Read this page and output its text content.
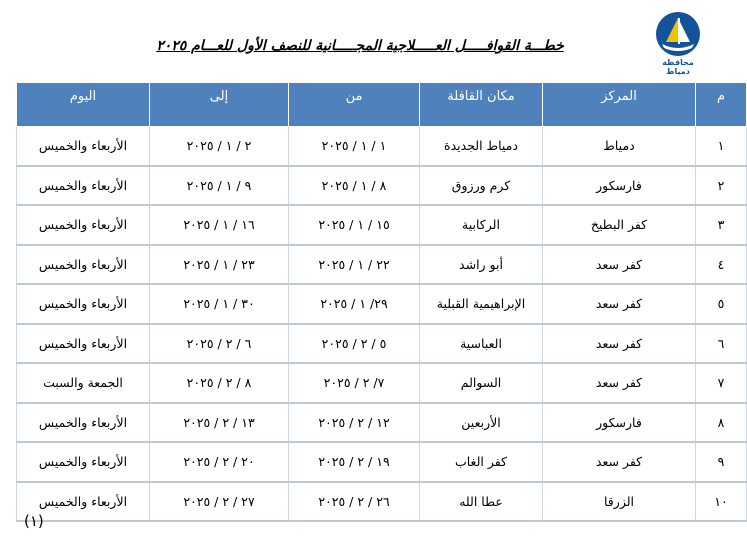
محافظة دمياط
خطـــة القوافـــــل العـــــلاجية المجـــــانية للنصف الأول للعـــام ٢٠٢٥
م	المركز	مكان القافلة	من	إلى	اليوم
١	دمياط	دمياط الجديدة	١ / ١ / ٢٠٢٥	٢ / ١ / ٢٠٢٥	الأربعاء والخميس
٢	فارسكور	كرم ورزوق	٨ / ١ / ٢٠٢٥	٩ / ١ / ٢٠٢٥	الأربعاء والخميس
٣	كفر البطيخ	الركابية	١٥ / ١ / ٢٠٢٥	١٦ / ١ / ٢٠٢٥	الأربعاء والخميس
٤	كفر سعد	أبو راشد	٢٢ / ١ / ٢٠٢٥	٢٣ / ١ / ٢٠٢٥	الأربعاء والخميس
٥	كفر سعد	الإبراهيمية القبلية	٢٩/ ١ / ٢٠٢٥	٣٠ / ١ / ٢٠٢٥	الأربعاء والخميس
٦	كفر سعد	العباسية	٥ / ٢ / ٢٠٢٥	٦ / ٢ / ٢٠٢٥	الأربعاء والخميس
٧	كفر سعد	السوالم	٧/ ٢ / ٢٠٢٥	٨ / ٢ / ٢٠٢٥	الجمعة والسبت
٨	فارسكور	الأربعين	١٢ / ٢ / ٢٠٢٥	١٣ / ٢ / ٢٠٢٥	الأربعاء والخميس
٩	كفر سعد	كفر الغاب	١٩ / ٢ / ٢٠٢٥	٢٠ / ٢ / ٢٠٢٥	الأربعاء والخميس
١٠	الزرقا	عطا الله	٢٦ / ٢ / ٢٠٢٥	٢٧ / ٢ / ٢٠٢٥	الأربعاء والخميس
(١)
